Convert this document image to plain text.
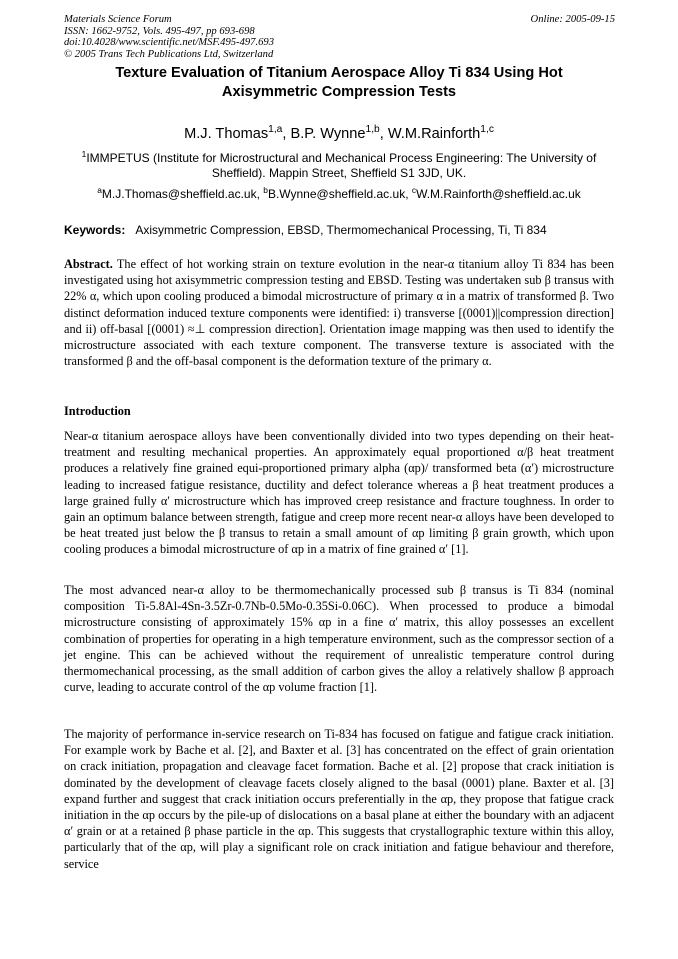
Materials Science Forum
ISSN: 1662-9752, Vols. 495-497, pp 693-698
doi:10.4028/www.scientific.net/MSF.495-497.693
© 2005 Trans Tech Publications Ltd, Switzerland
Online: 2005-09-15
Texture Evaluation of Titanium Aerospace Alloy Ti 834 Using Hot
Axisymmetric Compression Tests
M.J. Thomas$^{1,a}$, B.P. Wynne$^{1,b}$, W.M.Rainforth$^{1,c}$
$^1$IMMPETUS (Institute for Microstructural and Mechanical Process Engineering: The University of Sheffield). Mappin Street, Sheffield S1 3JD, UK.
$^a$M.J.Thomas@sheffield.ac.uk, $^b$B.Wynne@sheffield.ac.uk, $^c$W.M.Rainforth@sheffield.ac.uk
Keywords: Axisymmetric Compression, EBSD, Thermomechanical Processing, Ti, Ti 834
Abstract. The effect of hot working strain on texture evolution in the near-α titanium alloy Ti 834 has been investigated using hot axisymmetric compression testing and EBSD. Testing was undertaken sub β transus with 22% α, which upon cooling produced a bimodal microstructure of primary α in a matrix of transformed β. Two distinct deformation induced texture components were identified: i) transverse [(0001)||compression direction] and ii) off-basal [(0001) ≈⊥ compression direction]. Orientation image mapping was then used to identify the microstructure associated with each texture component. The transverse texture is associated with the transformed β and the off-basal component is the deformation texture of the primary α.
Introduction
Near-α titanium aerospace alloys have been conventionally divided into two types depending on their heat-treatment and resulting mechanical properties. An approximately equal proportioned α/β heat treatment produces a relatively fine grained equi-proportioned primary alpha (αp)/ transformed beta (α′) microstructure leading to increased fatigue resistance, ductility and defect tolerance whereas a β heat treatment produces a large grained fully α′ microstructure which has improved creep resistance and fracture toughness. In order to gain an optimum balance between strength, fatigue and creep more recent near-α alloys have been developed to be heat treated just below the β transus to retain a small amount of αp limiting β grain growth, which upon cooling produces a bimodal microstructure of αp in a matrix of fine grained α′ [1].
The most advanced near-α alloy to be thermomechanically processed sub β transus is Ti 834 (nominal composition Ti-5.8Al-4Sn-3.5Zr-0.7Nb-0.5Mo-0.35Si-0.06C). When processed to produce a bimodal microstructure consisting of approximately 15% αp in a fine α′ matrix, this alloy possesses an excellent combination of properties for operating in a high temperature environment, such as the compressor section of a jet engine. This can be achieved without the requirement of unrealistic temperature control during thermomechanical processing, as the small addition of carbon gives the alloy a relatively shallow β approach curve, leading to accurate control of the αp volume fraction [1].
The majority of performance in-service research on Ti-834 has focused on fatigue and fatigue crack initiation. For example work by Bache et al. [2], and Baxter et al. [3] has concentrated on the effect of grain orientation on crack initiation, propagation and cleavage facet formation. Bache et al. [2] propose that crack initiation is dominated by the development of cleavage facets closely aligned to the basal (0001) plane. Baxter et al. [3] expand further and suggest that crack initiation occurs preferentially in the αp, they propose that fatigue crack initiation in the αp occurs by the pile-up of dislocations on a basal plane at either the boundary with an adjacent α′ grain or at a retained β phase particle in the αp. This suggests that crystallographic texture within this alloy, particularly that of the αp, will play a significant role on crack initiation and fatigue behaviour and therefore, service
